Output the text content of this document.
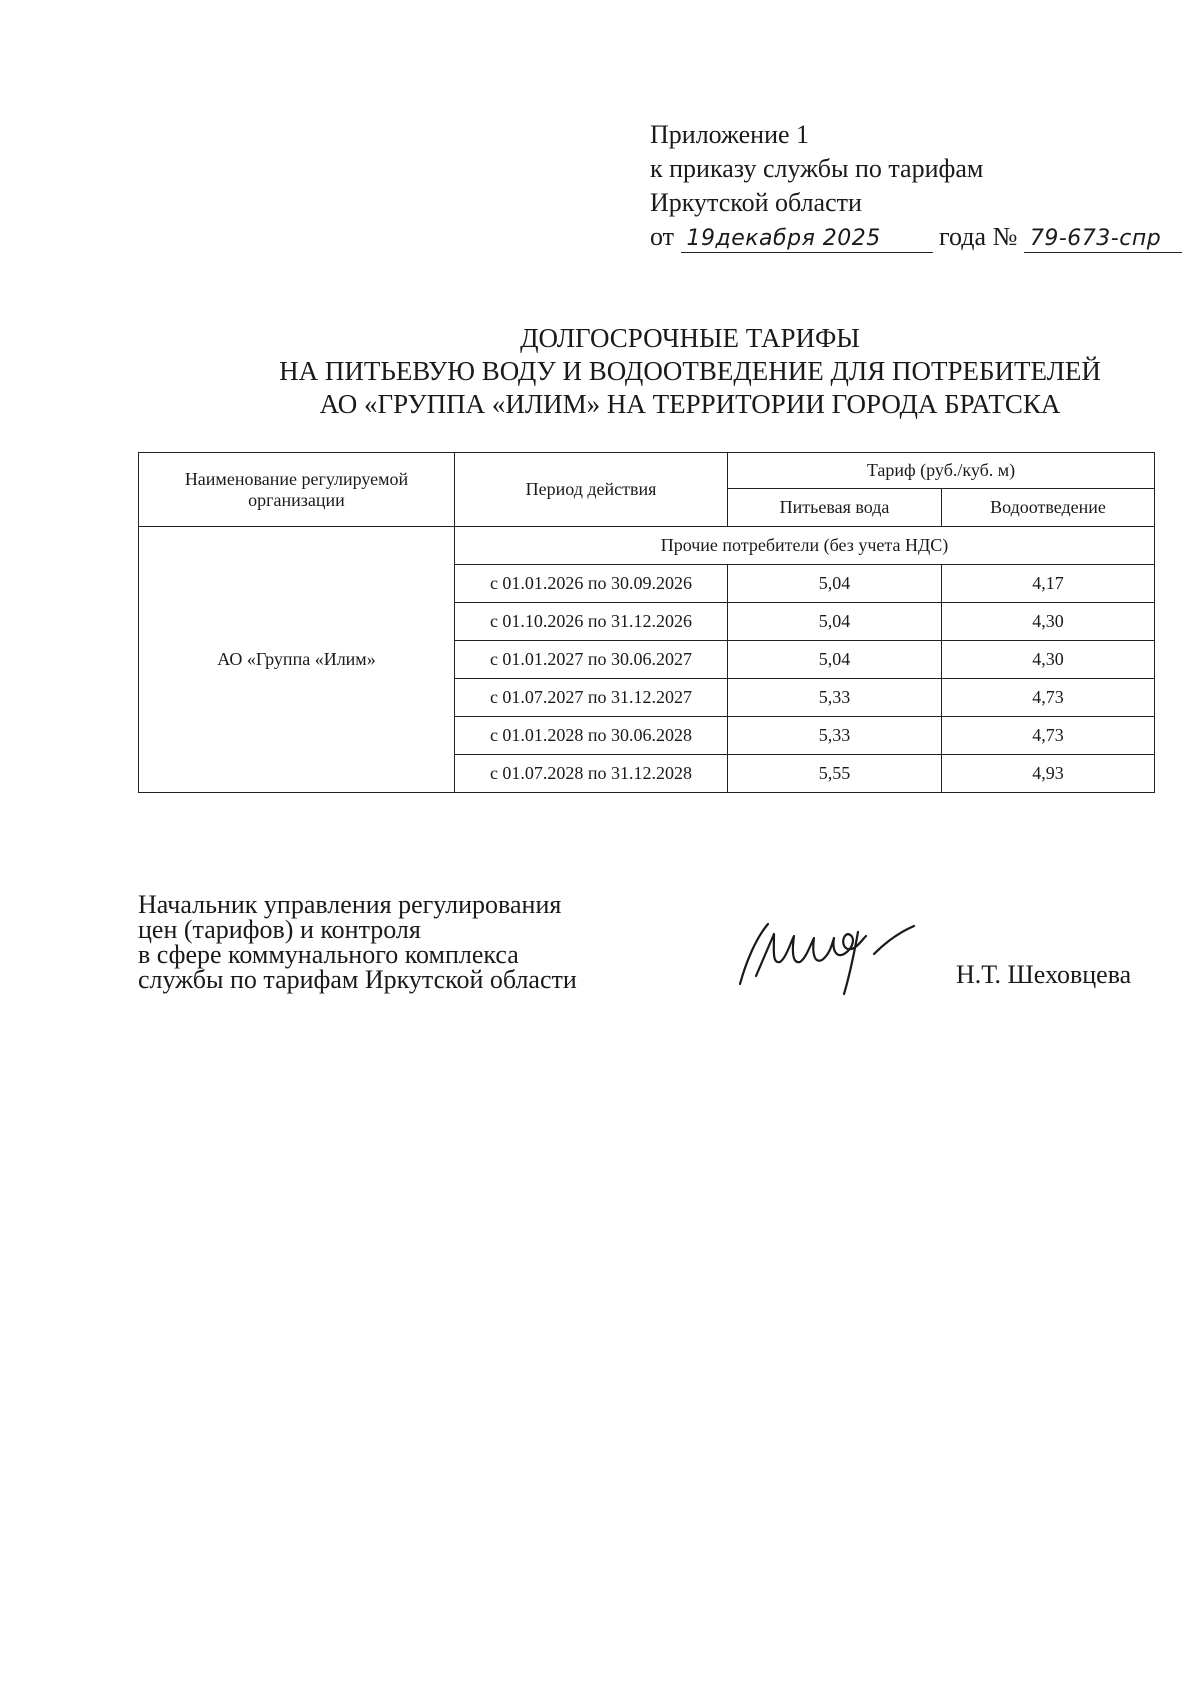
Приложение 1
к приказу службы по тарифам
Иркутской области
от 19декабря 2025 года № 79-673-спр
ДОЛГОСРОЧНЫЕ ТАРИФЫ
НА ПИТЬЕВУЮ ВОДУ И ВОДООТВЕДЕНИЕ ДЛЯ ПОТРЕБИТЕЛЕЙ
АО «ГРУППА «ИЛИМ» НА ТЕРРИТОРИИ ГОРОДА БРАТСКА
Наименование регулируемой организации	Период действия	Тариф (руб./куб. м)	
		Питьевая вода	Водоотведение
АО «Группа «Илим»	Прочие потребители (без учета НДС)		
	с 01.01.2026 по 30.09.2026	5,04	4,17
	с 01.10.2026 по 31.12.2026	5,04	4,30
	с 01.01.2027 по 30.06.2027	5,04	4,30
	с 01.07.2027 по 31.12.2027	5,33	4,73
	с 01.01.2028 по 30.06.2028	5,33	4,73
	с 01.07.2028 по 31.12.2028	5,55	4,93
Начальник управления регулирования
цен (тарифов) и контроля
в сфере коммунального комплекса
службы по тарифам Иркутской области	Н.Т. Шеховцева
